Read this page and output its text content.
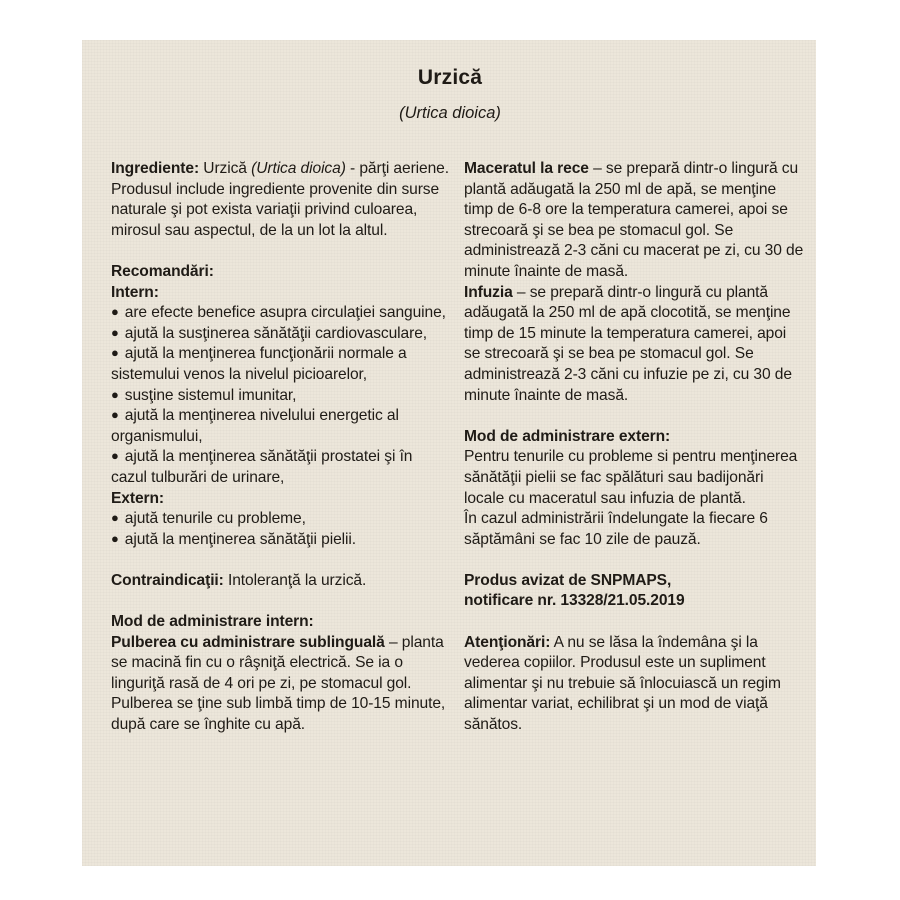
Urzică
(Urtica dioica)

Ingrediente: Urzică (Urtica dioica) - părţi aeriene. Produsul include ingrediente provenite din surse naturale şi pot exista variaţii privind culoarea, mirosul sau aspectul, de la un lot la altul.

Recomandări:

Intern:

● are efecte benefice asupra circulaţiei sanguine,
● ajută la susţinerea sănătăţii cardiovasculare,
● ajută la menţinerea funcţionării normale a sistemului venos la nivelul picioarelor,
● susţine sistemul imunitar,
● ajută la menţinerea nivelului energetic al organismului,
● ajută la menţinerea sănătăţii prostatei şi în cazul tulburări de urinare,

Extern:

● ajută tenurile cu probleme,
● ajută la menţinerea sănătăţii pielii.

Contraindicaţii: Intoleranţă la urzică.

Mod de administrare intern:

Pulberea cu administrare sublinguală – planta se macină fin cu o râşniţă electrică. Se ia o linguriţă rasă de 4 ori pe zi, pe stomacul gol. Pulberea se ţine sub limbă timp de 10-15 minute, după care se înghite cu apă.

Maceratul la rece – se prepară dintr-o lingură cu plantă adăugată la 250 ml de apă, se menţine timp de 6-8 ore la temperatura camerei, apoi se strecoară şi se bea pe stomacul gol. Se administrează 2-3 căni cu macerat pe zi, cu 30 de minute înainte de masă.

Infuzia – se prepară dintr-o lingură cu plantă adăugată la 250 ml de apă clocotită, se menţine timp de 15 minute la temperatura camerei, apoi se strecoară şi se bea pe stomacul gol. Se administrează 2-3 căni cu infuzie pe zi, cu 30 de minute înainte de masă.

Mod de administrare extern:

Pentru tenurile cu probleme si pentru menţinerea sănătăţii pielii se fac spălături sau badijonări locale cu maceratul sau infuzia de plantă.

În cazul administrării îndelungate la fiecare 6 săptămâni se fac 10 zile de pauză.

Produs avizat de SNPMAPS,

notificare nr. 13328/21.05.2019

Atenţionări: A nu se lăsa la îndemâna şi la vederea copiilor. Produsul este un supliment alimentar şi nu trebuie să înlocuiască un regim alimentar variat, echilibrat şi un mod de viaţă sănătos.
